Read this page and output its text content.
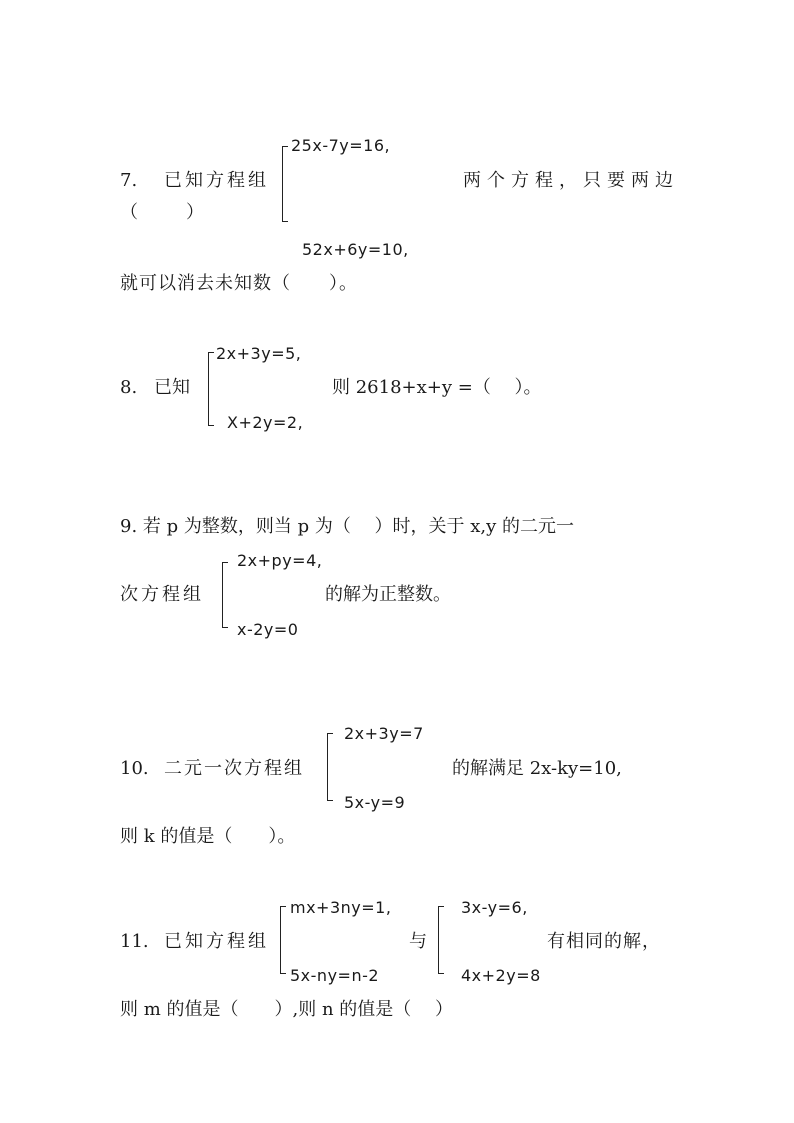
7. 已知方程组
25x-7y=16,
两个方程，只要两边
（　　）
52x+6y=10,
就可以消去未知数（　　）。
8. 已知
2x+3y=5,
则 2618+x+y =（　 ）。
X+2y=2,
9. 若 p 为整数，则当 p 为（　 ）时，关于 x,y 的二元一
2x+py=4,
次方程组	的解为正整数。
x-2y=0
2x+3y=7
10. 二元一次方程组	的解满足 2x-ky=10,
5x-y=9
则 k 的值是（　　）。
mx+3ny=1,	3x-y=6,
11. 已知方程组	与	有相同的解，
5x-ny=n-2	4x+2y=8
则 m 的值是（　　）,则 n 的值是（　 ）
